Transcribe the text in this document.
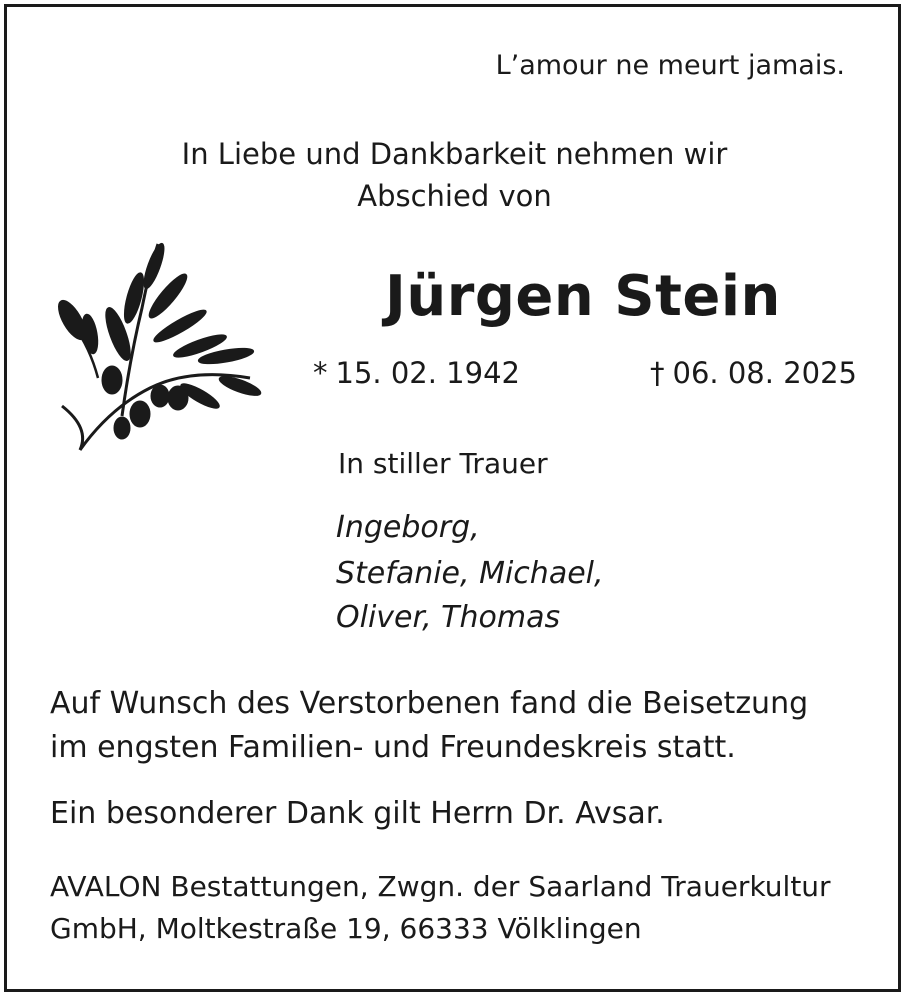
L’amour ne meurt jamais.
In Liebe und Dankbarkeit nehmen wir
Abschied von
Jürgen Stein
* 15. 02. 1942	† 06. 08. 2025
In stiller Trauer
Ingeborg,
Stefanie, Michael,
Oliver, Thomas
Auf Wunsch des Verstorbenen fand die Beisetzung
im engsten Familien- und Freundeskreis statt.
Ein besonderer Dank gilt Herrn Dr. Avsar.
AVALON Bestattungen, Zwgn. der Saarland Trauerkultur
GmbH, Moltkestraße 19, 66333 Völklingen
